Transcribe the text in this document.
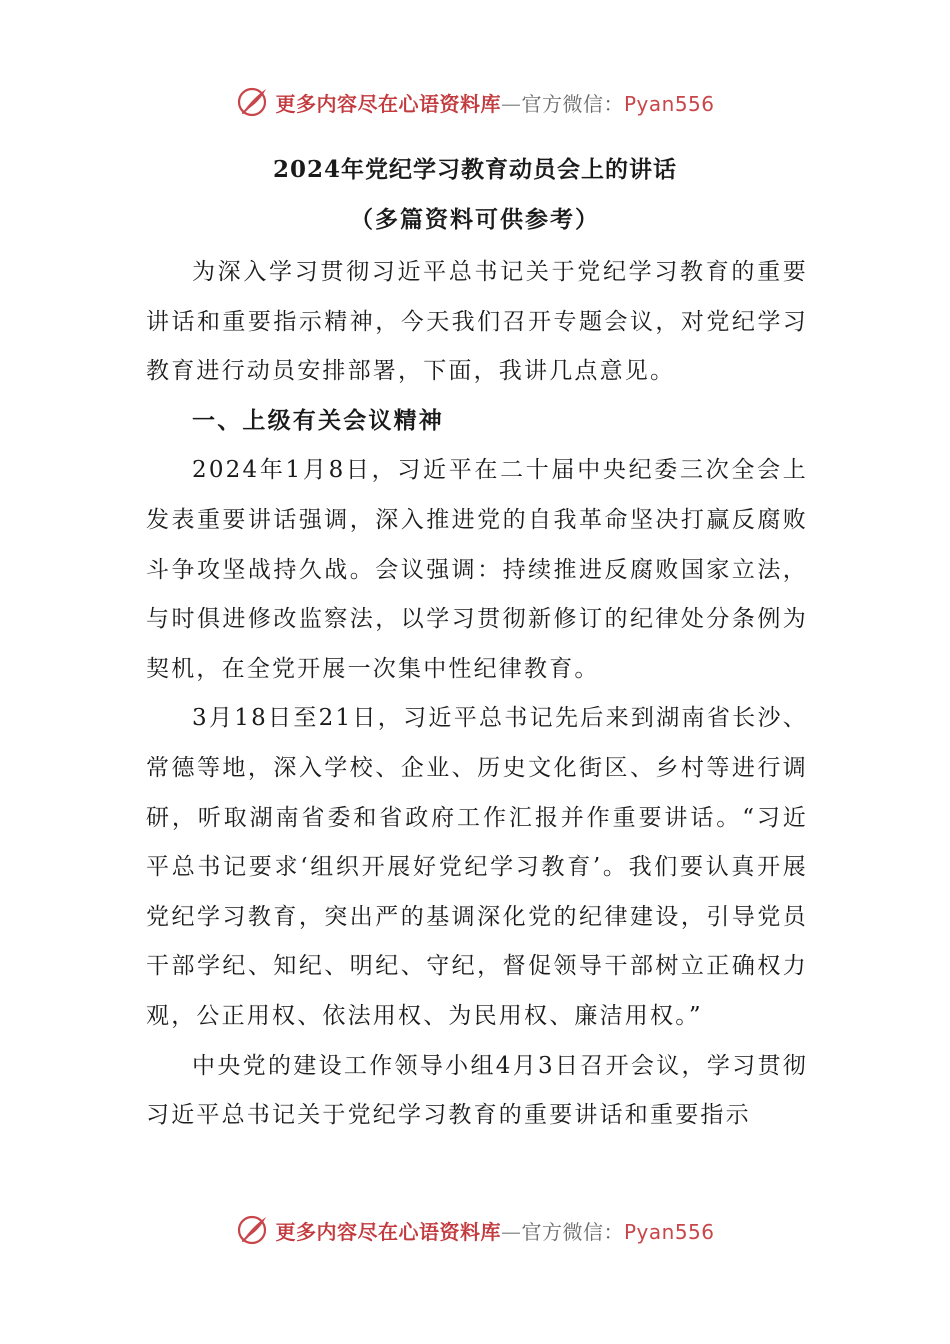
更多内容尽在心语资料库—官方微信：Pyan556
2024年党纪学习教育动员会上的讲话
（多篇资料可供参考）

为深入学习贯彻习近平总书记关于党纪学习教育的重要讲话和重要指示精神，今天我们召开专题会议，对党纪学习教育进行动员安排部署，下面，我讲几点意见。

一、上级有关会议精神

2024年1月8日，习近平在二十届中央纪委三次全会上发表重要讲话强调，深入推进党的自我革命坚决打赢反腐败斗争攻坚战持久战。会议强调：持续推进反腐败国家立法，与时俱进修改监察法，以学习贯彻新修订的纪律处分条例为契机，在全党开展一次集中性纪律教育。

3月18日至21日，习近平总书记先后来到湖南省长沙、常德等地，深入学校、企业、历史文化街区、乡村等进行调研，听取湖南省委和省政府工作汇报并作重要讲话。“习近平总书记要求‘组织开展好党纪学习教育’。我们要认真开展党纪学习教育，突出严的基调深化党的纪律建设，引导党员干部学纪、知纪、明纪、守纪，督促领导干部树立正确权力观，公正用权、依法用权、为民用权、廉洁用权。”

中央党的建设工作领导小组4月3日召开会议，学习贯彻习近平总书记关于党纪学习教育的重要讲话和重要指示

更多内容尽在心语资料库—官方微信：Pyan556
